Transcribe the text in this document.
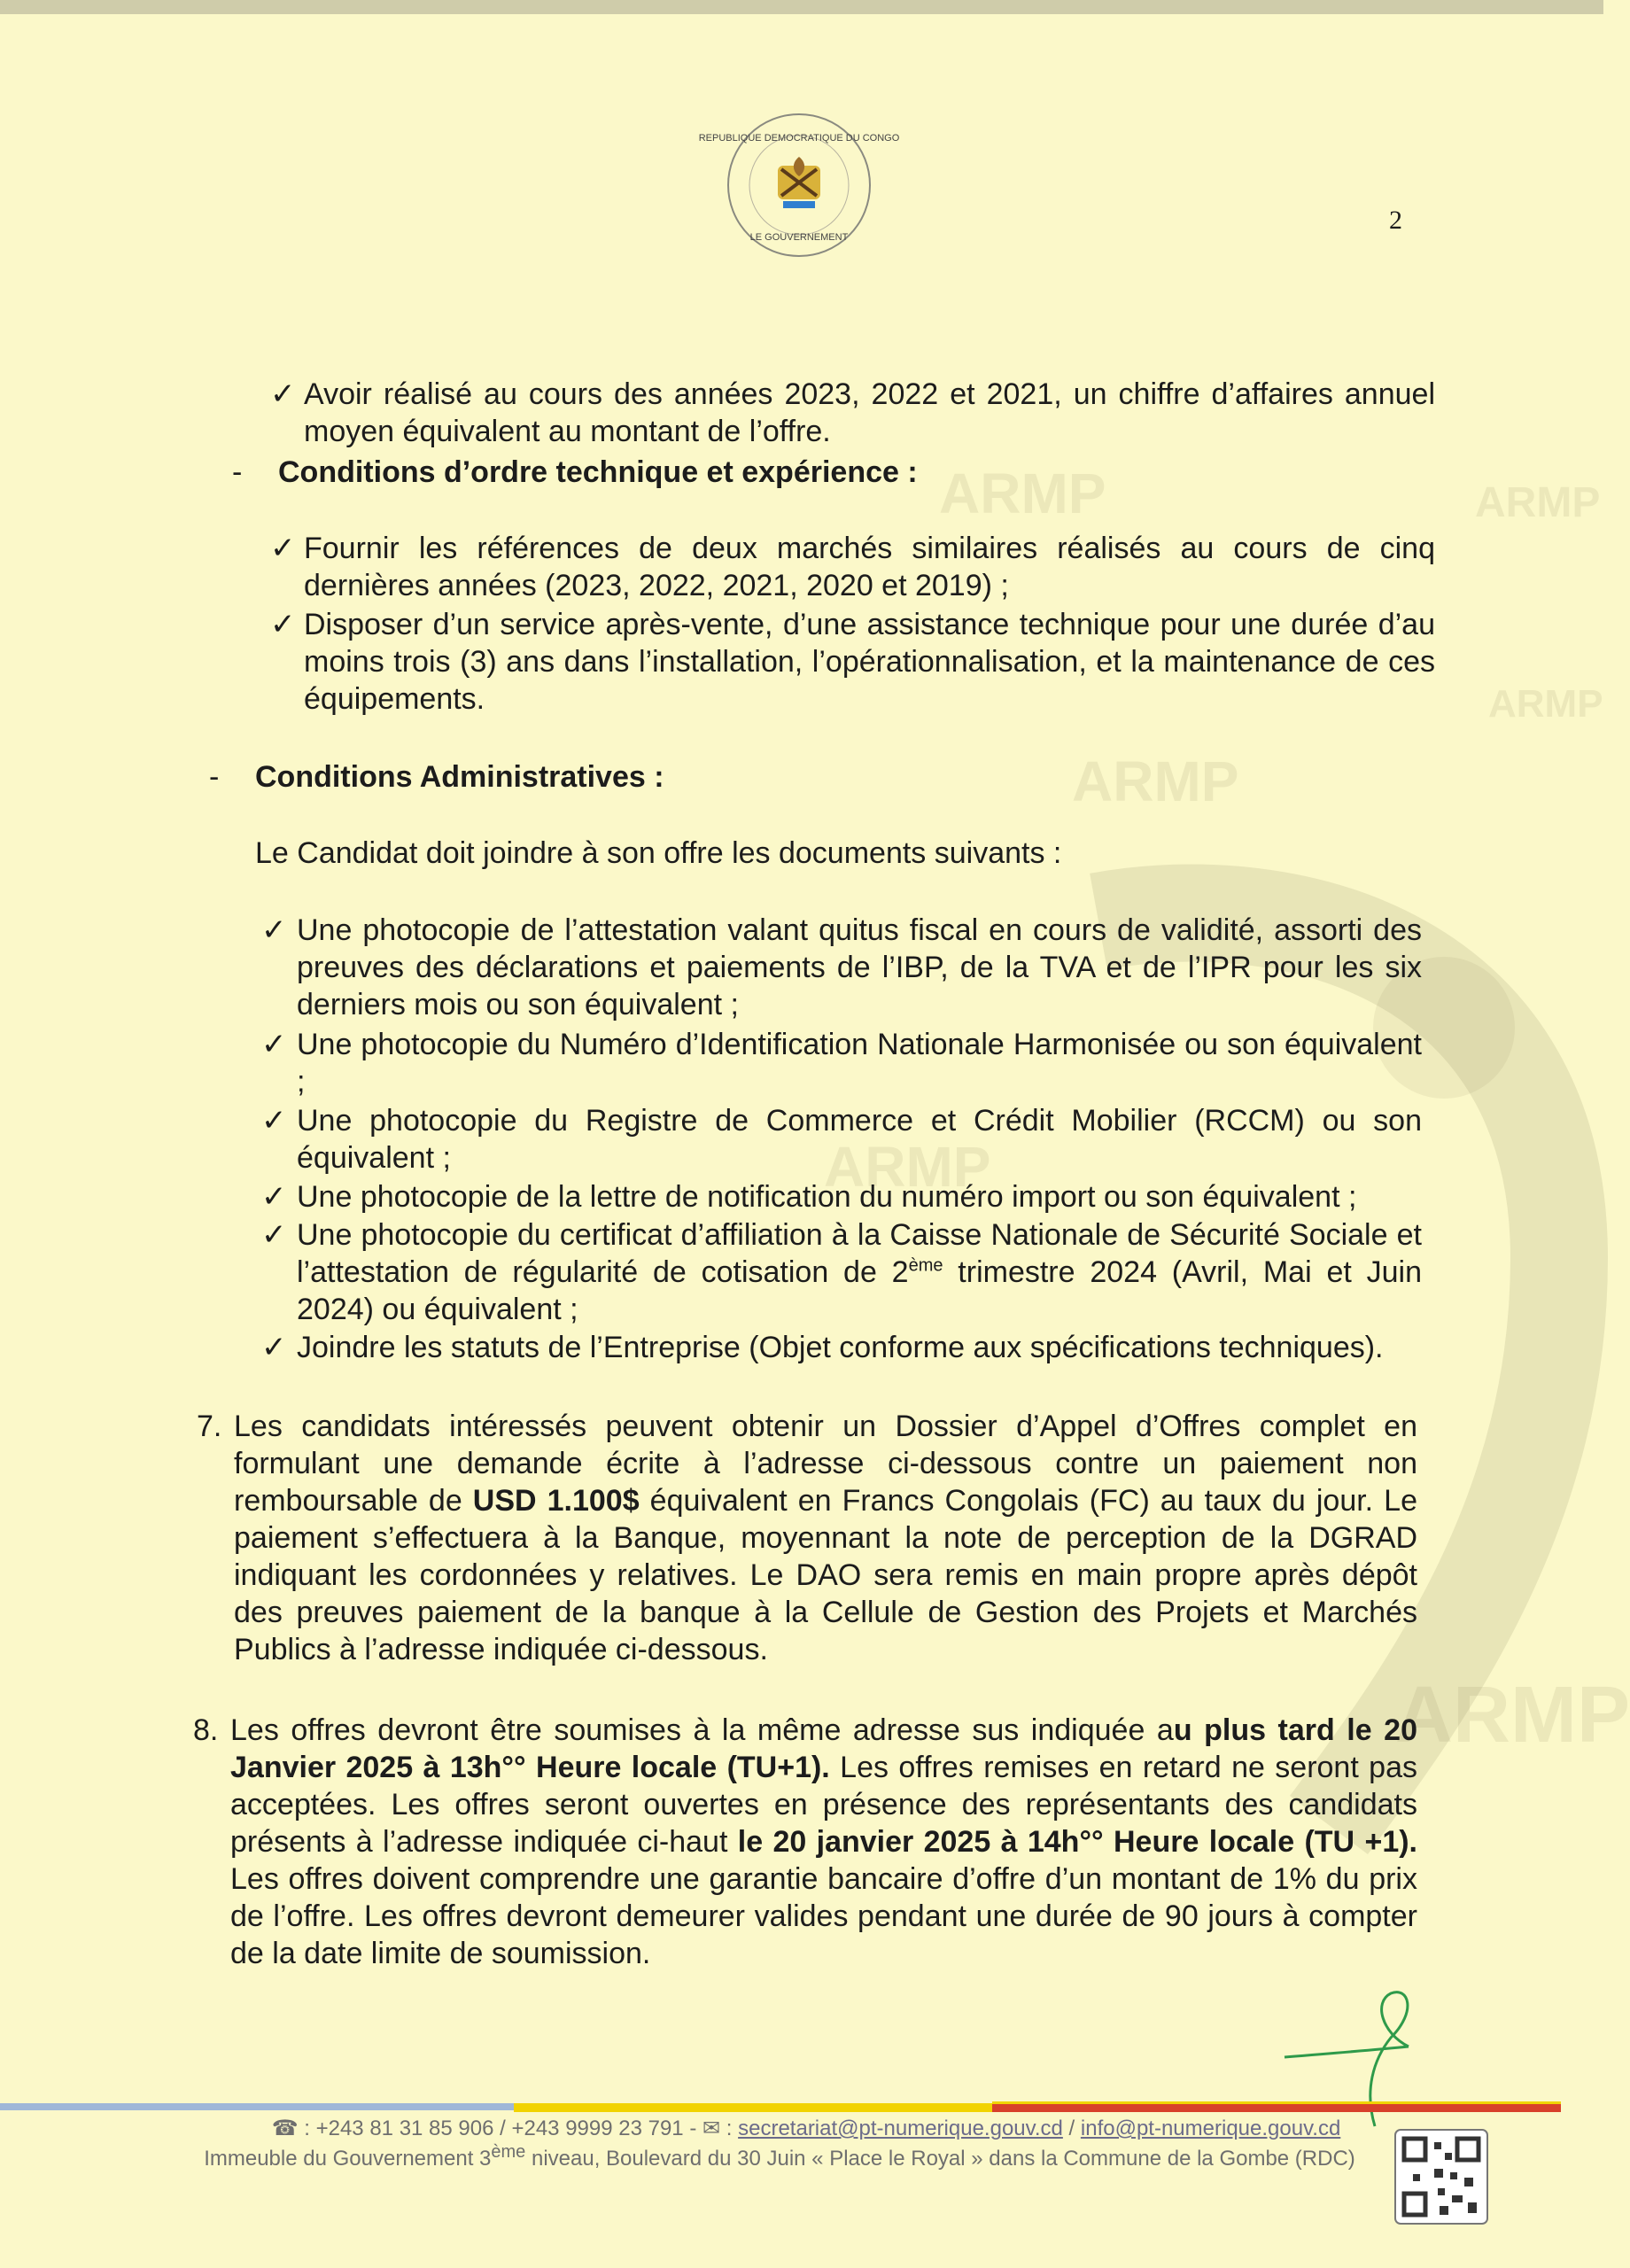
ARMP	ARMP
ARMP
ARMP
ARMP
ARMP
REPUBLIQUE DEMOCRATIQUE DU CONGO
LE GOUVERNEMENT
2
✓ Avoir réalisé au cours des années 2023, 2022 et 2021, un chiffre d’affaires annuel moyen équivalent au montant de l’offre.
- Conditions d’ordre technique et expérience :
✓ Fournir les références de deux marchés similaires réalisés au cours de cinq dernières années (2023, 2022, 2021, 2020 et 2019) ;
✓ Disposer d’un service après-vente, d’une assistance technique pour une durée d’au moins trois (3) ans dans l’installation, l’opérationnalisation, et la maintenance de ces équipements.
- Conditions Administratives :
Le Candidat doit joindre à son offre les documents suivants :
✓ Une photocopie de l’attestation valant quitus fiscal en cours de validité, assorti des preuves des déclarations et paiements de l’IBP, de la TVA et de l’IPR pour les six derniers mois ou son équivalent ;
✓ Une photocopie du Numéro d’Identification Nationale Harmonisée ou son équivalent ;
✓ Une photocopie du Registre de Commerce et Crédit Mobilier (RCCM) ou son équivalent ;
✓ Une photocopie de la lettre de notification du numéro import ou son équivalent ;
✓ Une photocopie du certificat d’affiliation à la Caisse Nationale de Sécurité Sociale et l’attestation de régularité de cotisation de 2ème trimestre 2024 (Avril, Mai et Juin 2024) ou équivalent ;
✓ Joindre les statuts de l’Entreprise (Objet conforme aux spécifications techniques).
7. Les candidats intéressés peuvent obtenir un Dossier d’Appel d’Offres complet en formulant une demande écrite à l’adresse ci-dessous contre un paiement non remboursable de USD 1.100$ équivalent en Francs Congolais (FC) au taux du jour. Le paiement s’effectuera à la Banque, moyennant la note de perception de la DGRAD indiquant les cordonnées y relatives. Le DAO sera remis en main propre après dépôt des preuves paiement de la banque à la Cellule de Gestion des Projets et Marchés Publics à l’adresse indiquée ci-dessous.
8. Les offres devront être soumises à la même adresse sus indiquée au plus tard le 20 Janvier 2025 à 13h°° Heure locale (TU+1). Les offres remises en retard ne seront pas acceptées. Les offres seront ouvertes en présence des représentants des candidats présents à l’adresse indiquée ci-haut le 20 janvier 2025 à 14h°° Heure locale (TU +1). Les offres doivent comprendre une garantie bancaire d’offre d’un montant de 1% du prix de l’offre. Les offres devront demeurer valides pendant une durée de 90 jours à compter de la date limite de soumission.
☎ : +243 81 31 85 906 / +243 9999 23 791 - ✉ : secretariat@pt-numerique.gouv.cd / info@pt-numerique.gouv.cd
Immeuble du Gouvernement 3ème niveau, Boulevard du 30 Juin « Place le Royal » dans la Commune de la Gombe (RDC)
